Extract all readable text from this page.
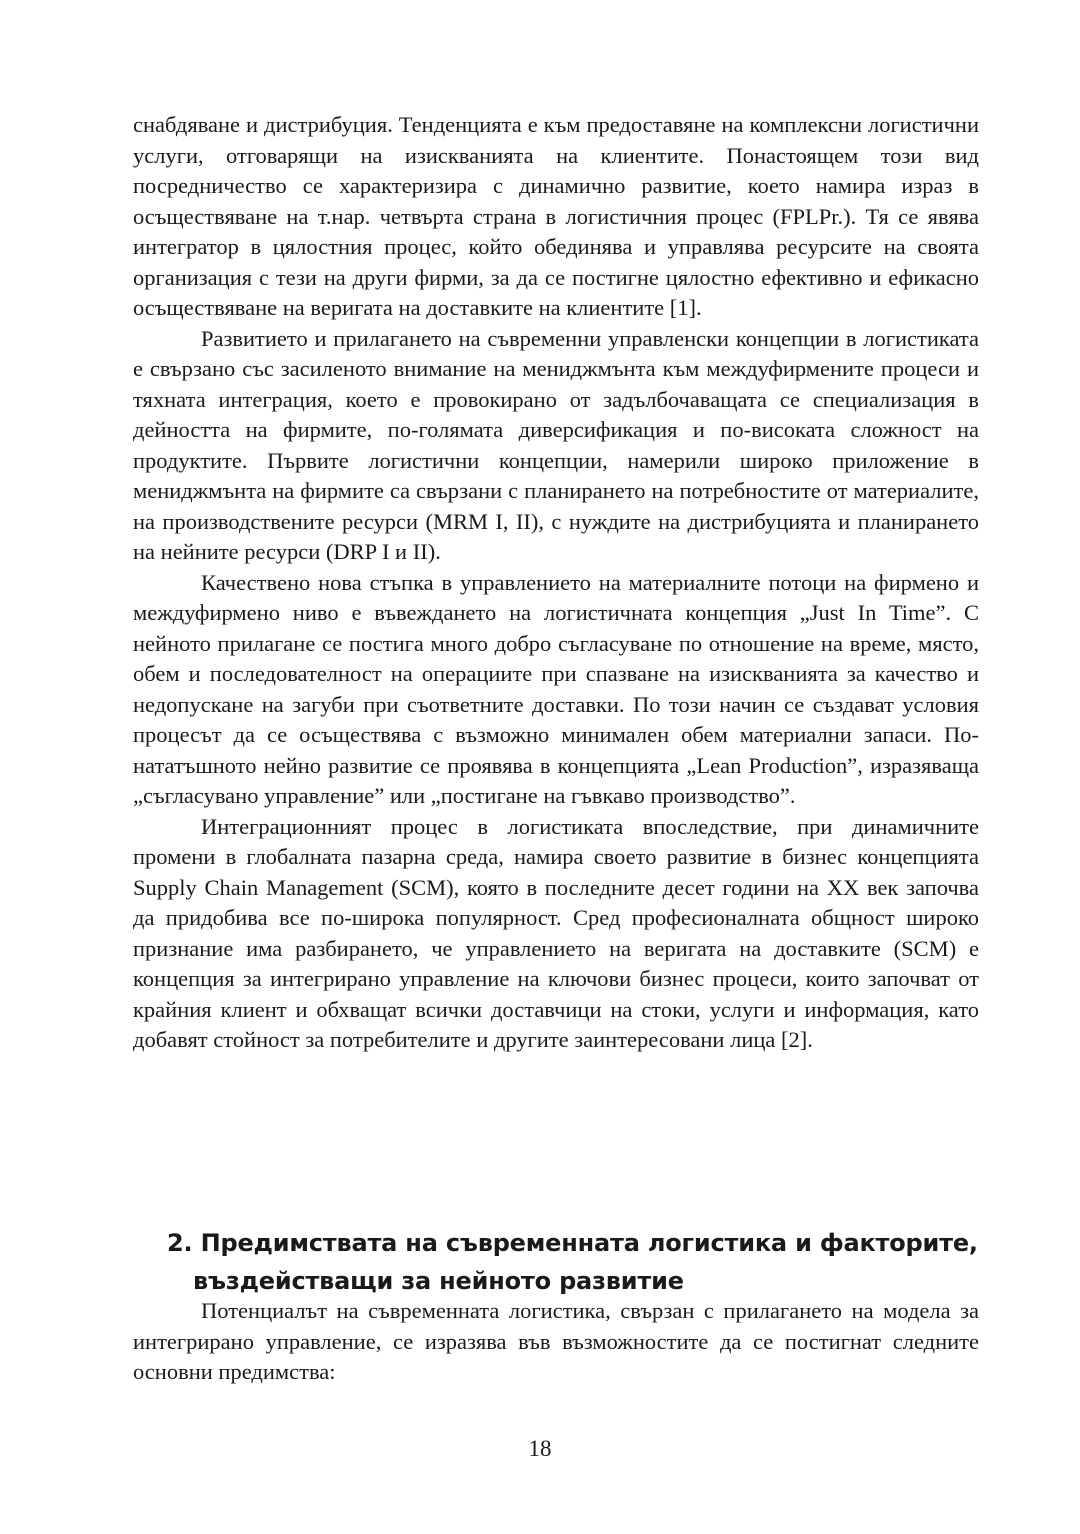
снабдяване и дистрибуция. Тенденцията е към предоставяне на комплексни логистични услуги, отговарящи на изискванията на клиентите. Понастоящем този вид посредничество се характеризира с динамично развитие, което намира израз в осъществяване на т.нар. четвърта страна в логистичния процес (FPLPr.). Тя се явява интегратор в цялостния процес, който обединява и управлява ресурсите на своята организация с тези на други фирми, за да се постигне цялостно ефективно и ефикасно осъществяване на веригата на доставките на клиентите [1].

Развитието и прилагането на съвременни управленски концепции в логистиката е свързано със засиленото внимание на мениджмънта към междуфирмените процеси и тяхната интеграция, което е провокирано от задълбочаващата се специализация в дейността на фирмите, по-голямата диверсификация и по-високата сложност на продуктите. Първите логистични концепции, намерили широко приложение в мениджмънта на фирмите са свързани с планирането на потребностите от материалите, на производствените ресурси (MRM I, II), с нуждите на дистрибуцията и планирането на нейните ресурси (DRP I и II).

Качествено нова стъпка в управлението на материалните потоци на фирмено и междуфирмено ниво е въвеждането на логистичната концепция „Just In Time”. С нейното прилагане се постига много добро съгласуване по отношение на време, място, обем и последователност на операциите при спазване на изискванията за качество и недопускане на загуби при съответните доставки. По този начин се създават условия процесът да се осъществява с възможно минимален обем материални запаси. По-нататъшното нейно развитие се проявява в концепцията „Lean Production”, изразяваща „съгласувано управление” или „постигане на гъвкаво производство”.

Интеграционният процес в логистиката впоследствие, при динамичните промени в глобалната пазарна среда, намира своето развитие в бизнес концепцията Supply Chain Management (SCM), която в последните десет години на XX век започва да придобива все по-широка популярност. Сред професионалната общност широко признание има разбирането, че управлението на веригата на доставките (SCM) е концепция за интегрирано управление на ключови бизнес процеси, които започват от крайния клиент и обхващат всички доставчици на стоки, услуги и информация, като добавят стойност за потребителите и другите заинтересовани лица [2].

2. Предимствата на съвременната логистика и факторите,
въздействащи за нейното развитие

Потенциалът на съвременната логистика, свързан с прилагането на модела за интегрирано управление, се изразява във възможностите да се постигнат следните основни предимства:

18
